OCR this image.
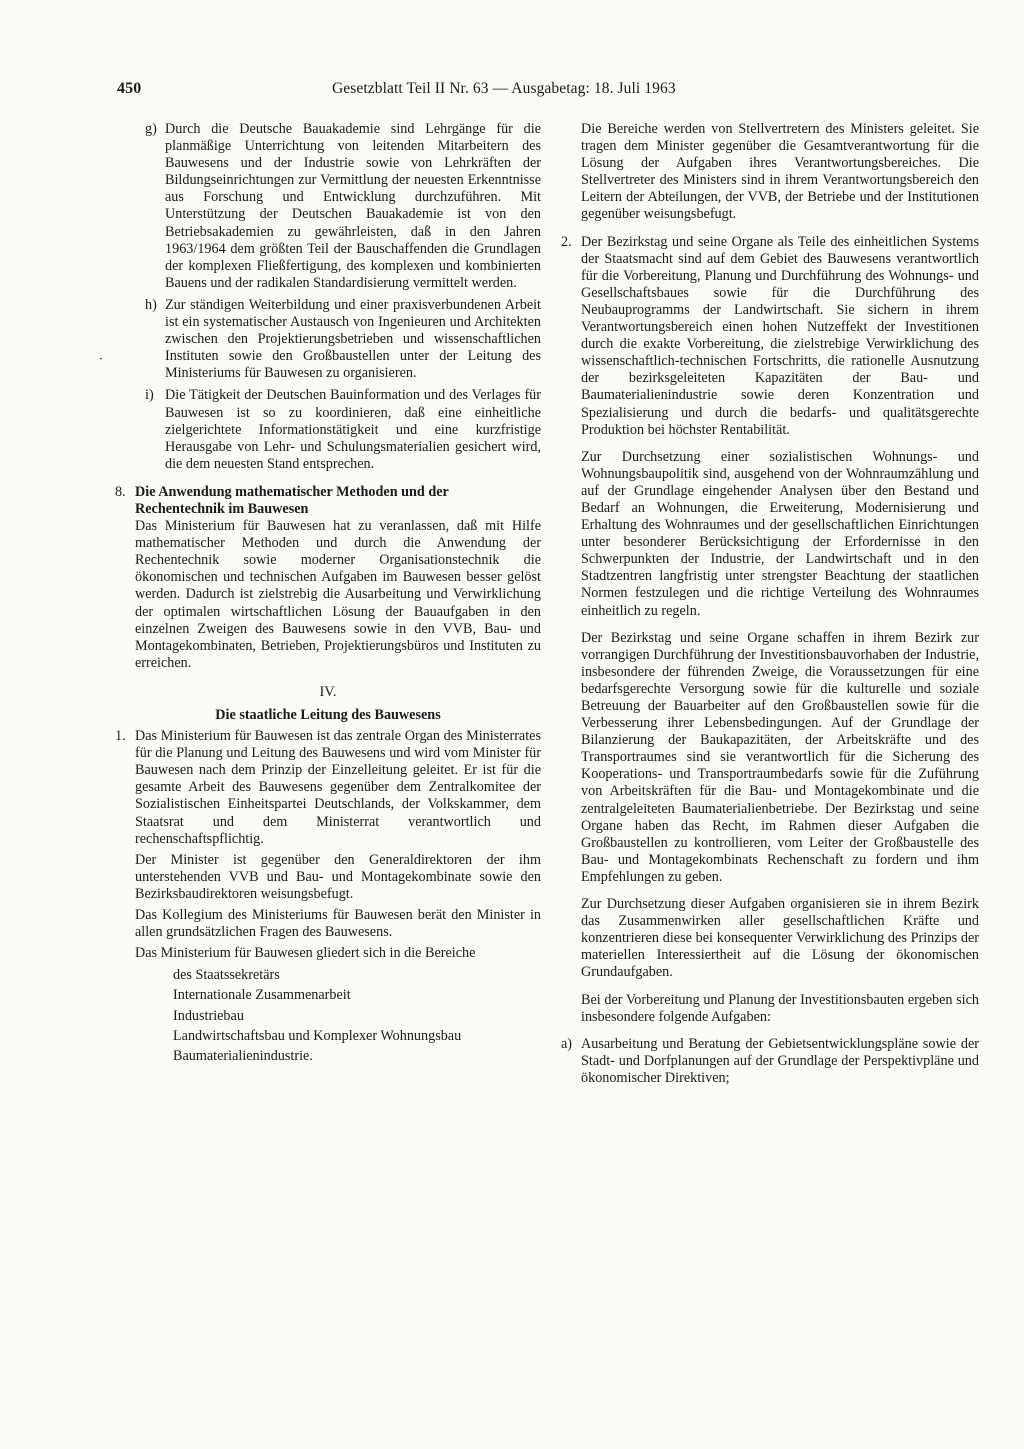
450	Gesetzblatt Teil II Nr. 63 — Ausgabetag: 18. Juli 1963
·
g) Durch die Deutsche Bauakademie sind Lehrgänge für die planmäßige Unterrichtung von leitenden Mitarbeitern des Bauwesens und der Industrie sowie von Lehrkräften der Bildungseinrichtungen zur Vermittlung der neuesten Erkenntnisse aus Forschung und Entwicklung durchzuführen. Mit Unterstützung der Deutschen Bauakademie ist von den Betriebsakademien zu gewährleisten, daß in den Jahren 1963/1964 dem größten Teil der Bauschaffenden die Grundlagen der komplexen Fließfertigung, des komplexen und kombinierten Bauens und der radikalen Standardisierung vermittelt werden.

h) Zur ständigen Weiterbildung und einer praxisverbundenen Arbeit ist ein systematischer Austausch von Ingenieuren und Architekten zwischen den Projektierungsbetrieben und wissenschaftlichen Instituten sowie den Großbaustellen unter der Leitung des Ministeriums für Bauwesen zu organisieren.

i) Die Tätigkeit der Deutschen Bauinformation und des Verlages für Bauwesen ist so zu koordinieren, daß eine einheitliche zielgerichtete Informationstätigkeit und eine kurzfristige Herausgabe von Lehr- und Schulungsmaterialien gesichert wird, die dem neuesten Stand entsprechen.

8. Die Anwendung mathematischer Methoden und der Rechentechnik im Bauwesen

Das Ministerium für Bauwesen hat zu veranlassen, daß mit Hilfe mathematischer Methoden und durch die Anwendung der Rechentechnik sowie moderner Organisationstechnik die ökonomischen und technischen Aufgaben im Bauwesen besser gelöst werden. Dadurch ist zielstrebig die Ausarbeitung und Verwirklichung der optimalen wirtschaftlichen Lösung der Bauaufgaben in den einzelnen Zweigen des Bauwesens sowie in den VVB, Bau- und Montagekombinaten, Betrieben, Projektierungsbüros und Instituten zu erreichen.

IV.

Die staatliche Leitung des Bauwesens

1. Das Ministerium für Bauwesen ist das zentrale Organ des Ministerrates für die Planung und Leitung des Bauwesens und wird vom Minister für Bauwesen nach dem Prinzip der Einzelleitung geleitet. Er ist für die gesamte Arbeit des Bauwesens gegenüber dem Zentralkomitee der Sozialistischen Einheitspartei Deutschlands, der Volkskammer, dem Staatsrat und dem Ministerrat verantwortlich und rechenschaftspflichtig.

Der Minister ist gegenüber den Generaldirektoren der ihm unterstehenden VVB und Bau- und Montagekombinate sowie den Bezirksbaudirektoren weisungsbefugt.

Das Kollegium des Ministeriums für Bauwesen berät den Minister in allen grundsätzlichen Fragen des Bauwesens.

Das Ministerium für Bauwesen gliedert sich in die Bereiche

des Staatssekretärs
Internationale Zusammenarbeit
Industriebau
Landwirtschaftsbau und Komplexer Wohnungsbau
Baumaterialienindustrie.

Die Bereiche werden von Stellvertretern des Ministers geleitet. Sie tragen dem Minister gegenüber die Gesamtverantwortung für die Lösung der Aufgaben ihres Verantwortungsbereiches. Die Stellvertreter des Ministers sind in ihrem Verantwortungsbereich den Leitern der Abteilungen, der VVB, der Betriebe und der Institutionen gegenüber weisungsbefugt.

2. Der Bezirkstag und seine Organe als Teile des einheitlichen Systems der Staatsmacht sind auf dem Gebiet des Bauwesens verantwortlich für die Vorbereitung, Planung und Durchführung des Wohnungs- und Gesellschaftsbaues sowie für die Durchführung des Neubauprogramms der Landwirtschaft. Sie sichern in ihrem Verantwortungsbereich einen hohen Nutzeffekt der Investitionen durch die exakte Vorbereitung, die zielstrebige Verwirklichung des wissenschaftlich-technischen Fortschritts, die rationelle Ausnutzung der bezirksgeleiteten Kapazitäten der Bau- und Baumaterialienindustrie sowie deren Konzentration und Spezialisierung und durch die bedarfs- und qualitätsgerechte Produktion bei höchster Rentabilität.

Zur Durchsetzung einer sozialistischen Wohnungs- und Wohnungsbaupolitik sind, ausgehend von der Wohnraumzählung und auf der Grundlage eingehender Analysen über den Bestand und Bedarf an Wohnungen, die Erweiterung, Modernisierung und Erhaltung des Wohnraumes und der gesellschaftlichen Einrichtungen unter besonderer Berücksichtigung der Erfordernisse in den Schwerpunkten der Industrie, der Landwirtschaft und in den Stadtzentren langfristig unter strengster Beachtung der staatlichen Normen festzulegen und die richtige Verteilung des Wohnraumes einheitlich zu regeln.

Der Bezirkstag und seine Organe schaffen in ihrem Bezirk zur vorrangigen Durchführung der Investitionsbauvorhaben der Industrie, insbesondere der führenden Zweige, die Voraussetzungen für eine bedarfsgerechte Versorgung sowie für die kulturelle und soziale Betreuung der Bauarbeiter auf den Großbaustellen sowie für die Verbesserung ihrer Lebensbedingungen. Auf der Grundlage der Bilanzierung der Baukapazitäten, der Arbeitskräfte und des Transportraumes sind sie verantwortlich für die Sicherung des Kooperations- und Transportraumbedarfs sowie für die Zuführung von Arbeitskräften für die Bau- und Montagekombinate und die zentralgeleiteten Baumaterialienbetriebe. Der Bezirkstag und seine Organe haben das Recht, im Rahmen dieser Aufgaben die Großbaustellen zu kontrollieren, vom Leiter der Großbaustelle des Bau- und Montagekombinats Rechenschaft zu fordern und ihm Empfehlungen zu geben.

Zur Durchsetzung dieser Aufgaben organisieren sie in ihrem Bezirk das Zusammenwirken aller gesellschaftlichen Kräfte und konzentrieren diese bei konsequenter Verwirklichung des Prinzips der materiellen Interessiertheit auf die Lösung der ökonomischen Grundaufgaben.

Bei der Vorbereitung und Planung der Investitionsbauten ergeben sich insbesondere folgende Aufgaben:

a) Ausarbeitung und Beratung der Gebietsentwicklungspläne sowie der Stadt- und Dorfplanungen auf der Grundlage der Perspektivpläne und ökonomischer Direktiven;
